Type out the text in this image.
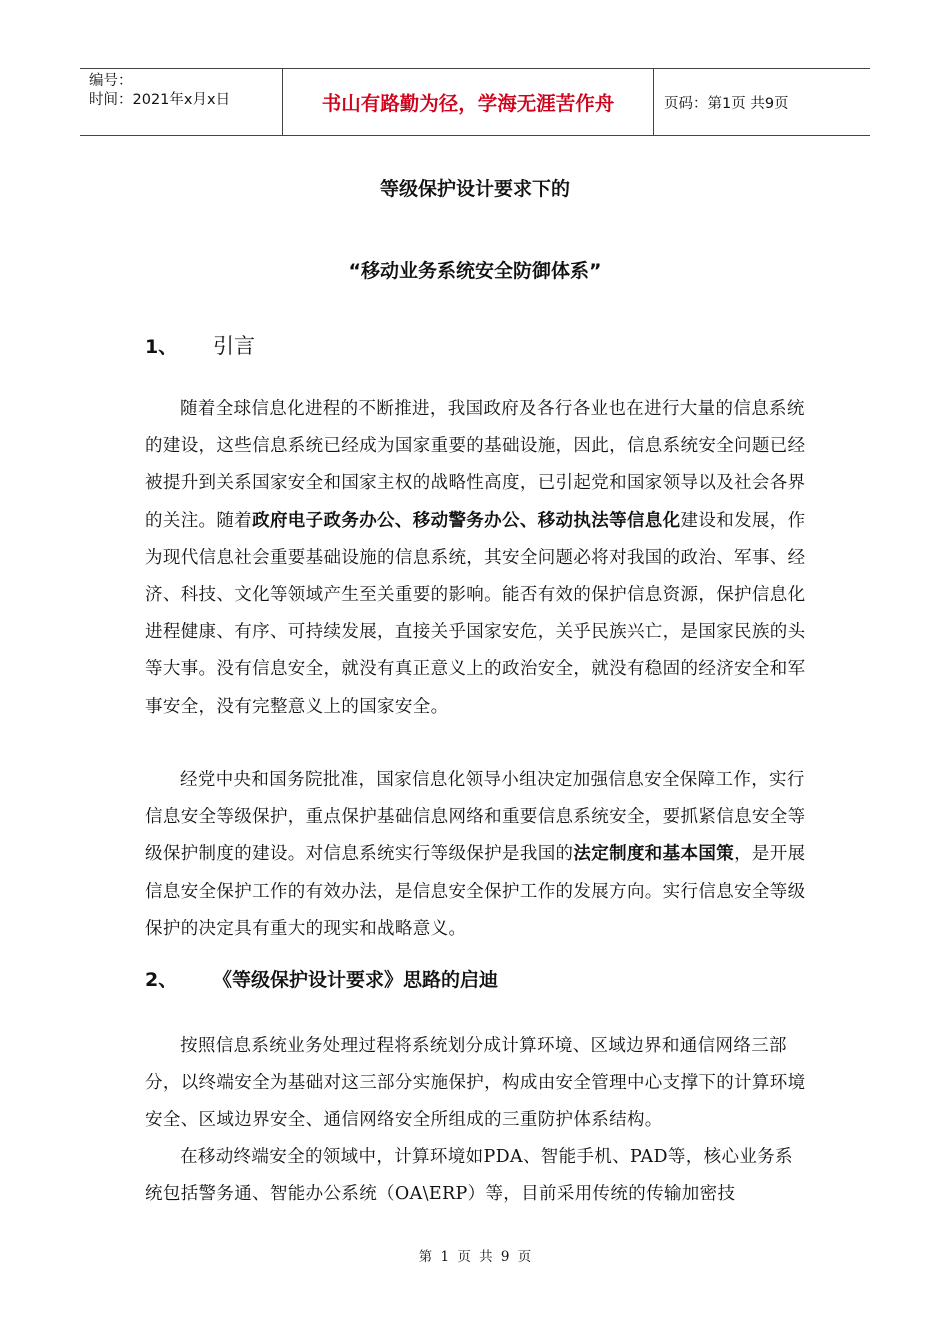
编号：
时间：2021年x月x日	书山有路勤为径，学海无涯苦作舟	页码：第1页 共9页
等级保护设计要求下的
“移动业务系统安全防御体系”
1、 引言

随着全球信息化进程的不断推进，我国政府及各行各业也在进行大量的信息系统的建设，这些信息系统已经成为国家重要的基础设施，因此，信息系统安全问题已经被提升到关系国家安全和国家主权的战略性高度，已引起党和国家领导以及社会各界的关注。随着政府电子政务办公、移动警务办公、移动执法等信息化建设和发展，作为现代信息社会重要基础设施的信息系统，其安全问题必将对我国的政治、军事、经济、科技、文化等领域产生至关重要的影响。能否有效的保护信息资源，保护信息化进程健康、有序、可持续发展，直接关乎国家安危，关乎民族兴亡，是国家民族的头等大事。没有信息安全，就没有真正意义上的政治安全，就没有稳固的经济安全和军事安全，没有完整意义上的国家安全。

经党中央和国务院批准，国家信息化领导小组决定加强信息安全保障工作，实行信息安全等级保护，重点保护基础信息网络和重要信息系统安全，要抓紧信息安全等级保护制度的建设。对信息系统实行等级保护是我国的法定制度和基本国策，是开展信息安全保护工作的有效办法，是信息安全保护工作的发展方向。实行信息安全等级保护的决定具有重大的现实和战略意义。

2、 《等级保护设计要求》思路的启迪

按照信息系统业务处理过程将系统划分成计算环境、区域边界和通信网络三部分，以终端安全为基础对这三部分实施保护，构成由安全管理中心支撑下的计算环境安全、区域边界安全、通信网络安全所组成的三重防护体系结构。

在移动终端安全的领域中，计算环境如PDA、智能手机、PAD等，核心业务系统包括警务通、智能办公系统（OA\ERP）等，目前采用传统的传输加密技

第 1 页 共 9 页
